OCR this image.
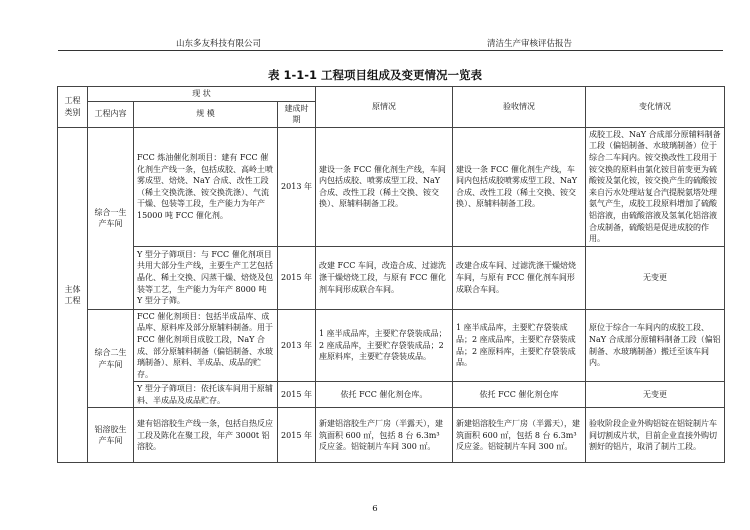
山东多友科技有限公司	清洁生产审核评估报告
表 1-1-1 工程项目组成及变更情况一览表
工程类别	现 状			原情况	验收情况	变化情况
	工程内容	规 模	建成时期			
主体工程	综合一生产车间	FCC 炼油催化剂项目：建有 FCC 催化剂生产线一条，包括成胶、高岭土喷雾成型、焙烧、NaY 合成、改性工段（稀土交换洗涤、铵交换洗涤）、气流干燥、包装等工段，生产能力为年产 15000 吨 FCC 催化剂。	2013 年	建设一条 FCC 催化剂生产线，车间内包括成胶、喷雾成型工段、NaY 合成、改性工段（稀土交换、铵交换）、原辅料制备工段。	建设一条 FCC 催化剂生产线，车间内包括成胶喷雾成型工段、NaY 合成、改性工段（稀土交换、铵交换）、原辅料制备工段。	成胶工段、NaY 合成部分原辅料制备工段（偏铝制备、水玻璃制备）位于综合二车间内。铵交换改性工段用于铵交换的原料由氯化铵目前变更为硫酸铵及氯化铵，铵交换产生的硫酸铵来自污水处理站复合汽提脱氨塔处理氨气产生，成胶工段原料增加了硫酸铝溶液，由硫酸溶液及氢氧化铝溶液合成制备，硫酸铝是促进成胶的作用。
		Y 型分子筛项目：与 FCC 催化剂项目共用大部分生产线，主要生产工艺包括晶化、稀土交换、闪蒸干燥、焙烧及包装等工艺，生产能力为年产 8000 吨 Y 型分子筛。	2015 年	改建 FCC 车间，改造合成、过滤洗涤干燥焙烧工段，与原有 FCC 催化剂车间形成联合车间。	改建合成车间、过滤洗涤干燥焙烧车间，与原有 FCC 催化剂车间形成联合车间。	无变更
	综合二生产车间	FCC 催化剂项目：包括半成品库、成品库、原料库及部分原辅料制备。用于 FCC 催化剂项目成胶工段，NaY 合成、部分原辅料制备（偏铝制备、水玻璃制备）、原料、半成品、成品的贮存。	2013 年	1 座半成品库，主要贮存袋装成品；2 座成品库，主要贮存袋装成品；2 座原料库，主要贮存袋装成品。	1 座半成品库，主要贮存袋装成品；2 座成品库，主要贮存袋装成品；2 座原料库，主要贮存袋装成品。	原位于综合一车间内的成胶工段、NaY 合成部分原辅料制备工段（偏铝制备、水玻璃制备）搬迁至该车间内。
		Y 型分子筛项目：依托该车间用于原辅料、半成品及成品贮存。	2015 年	依托 FCC 催化剂仓库。	依托 FCC 催化剂仓库	无变更
	铝溶胶生产车间	建有铝溶胶生产线一条，包括自热反应工段及陈化在聚工段，年产 3000t 铝溶胶。	2015 年	新建铝溶胶生产厂房（半露天），建筑面积 600 ㎡，包括 8 台 6.3m³ 反应釜。铝锭制片车间 300 ㎡。	新建铝溶胶生产厂房（半露天），建筑面积 600 ㎡，包括 8 台 6.3m³ 反应釜。铝锭制片车间 300 ㎡。	验收阶段企业外购铝锭在铝锭制片车间切割成片状，目前企业直接外购切割好的铝片，取消了制片工段。
6
